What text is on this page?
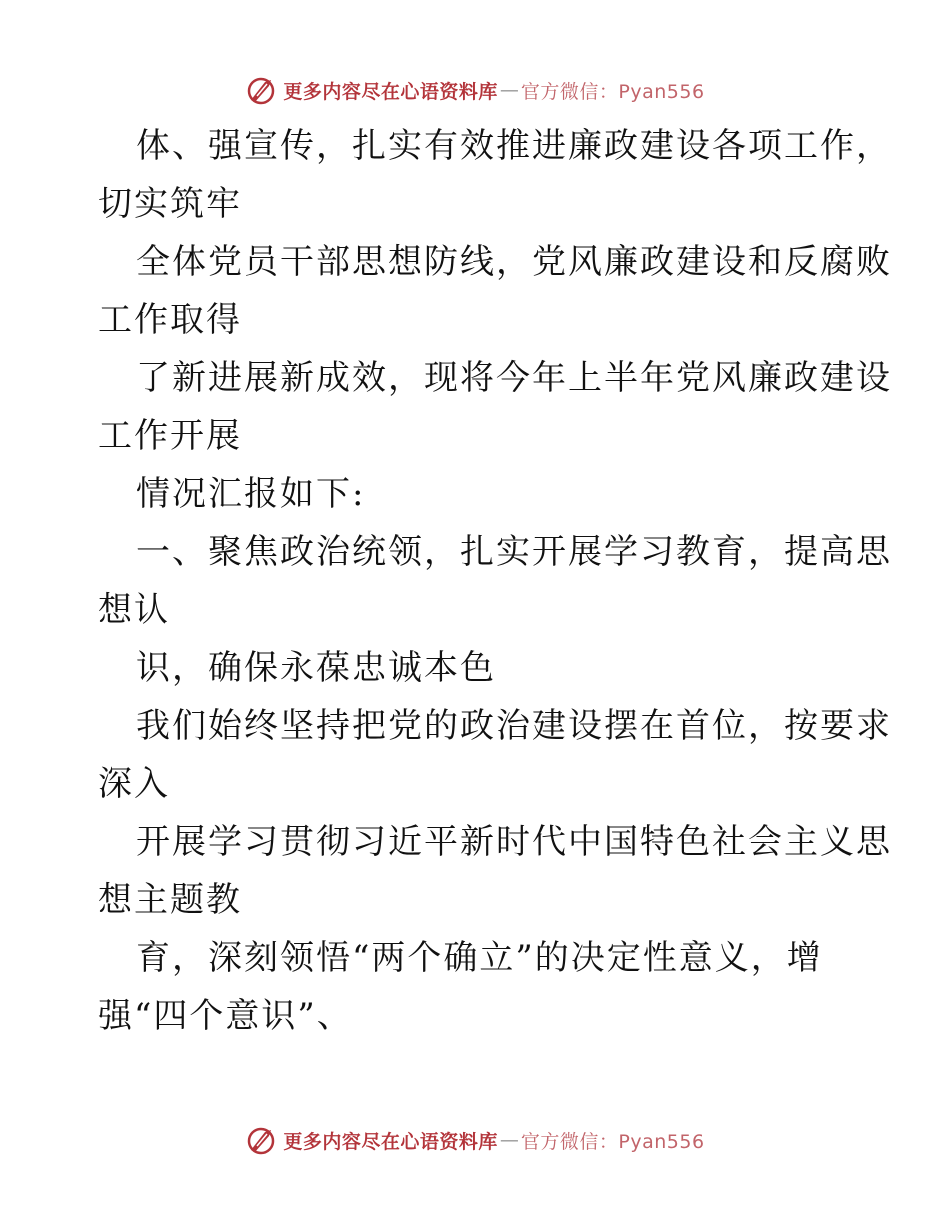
更多内容尽在心语资料库 — 官方微信：Pyan556
体、强宣传，扎实有效推进廉政建设各项工作，
切实筑牢
全体党员干部思想防线，党风廉政建设和反腐败
工作取得
了新进展新成效，现将今年上半年党风廉政建设
工作开展
情况汇报如下:
一、聚焦政治统领，扎实开展学习教育，提高思
想认
识，确保永葆忠诚本色
我们始终坚持把党的政治建设摆在首位，按要求
深入
开展学习贯彻习近平新时代中国特色社会主义思
想主题教
育，深刻领悟“两个确立”的决定性意义，增
强“四个意识”、
更多内容尽在心语资料库 — 官方微信：Pyan556
